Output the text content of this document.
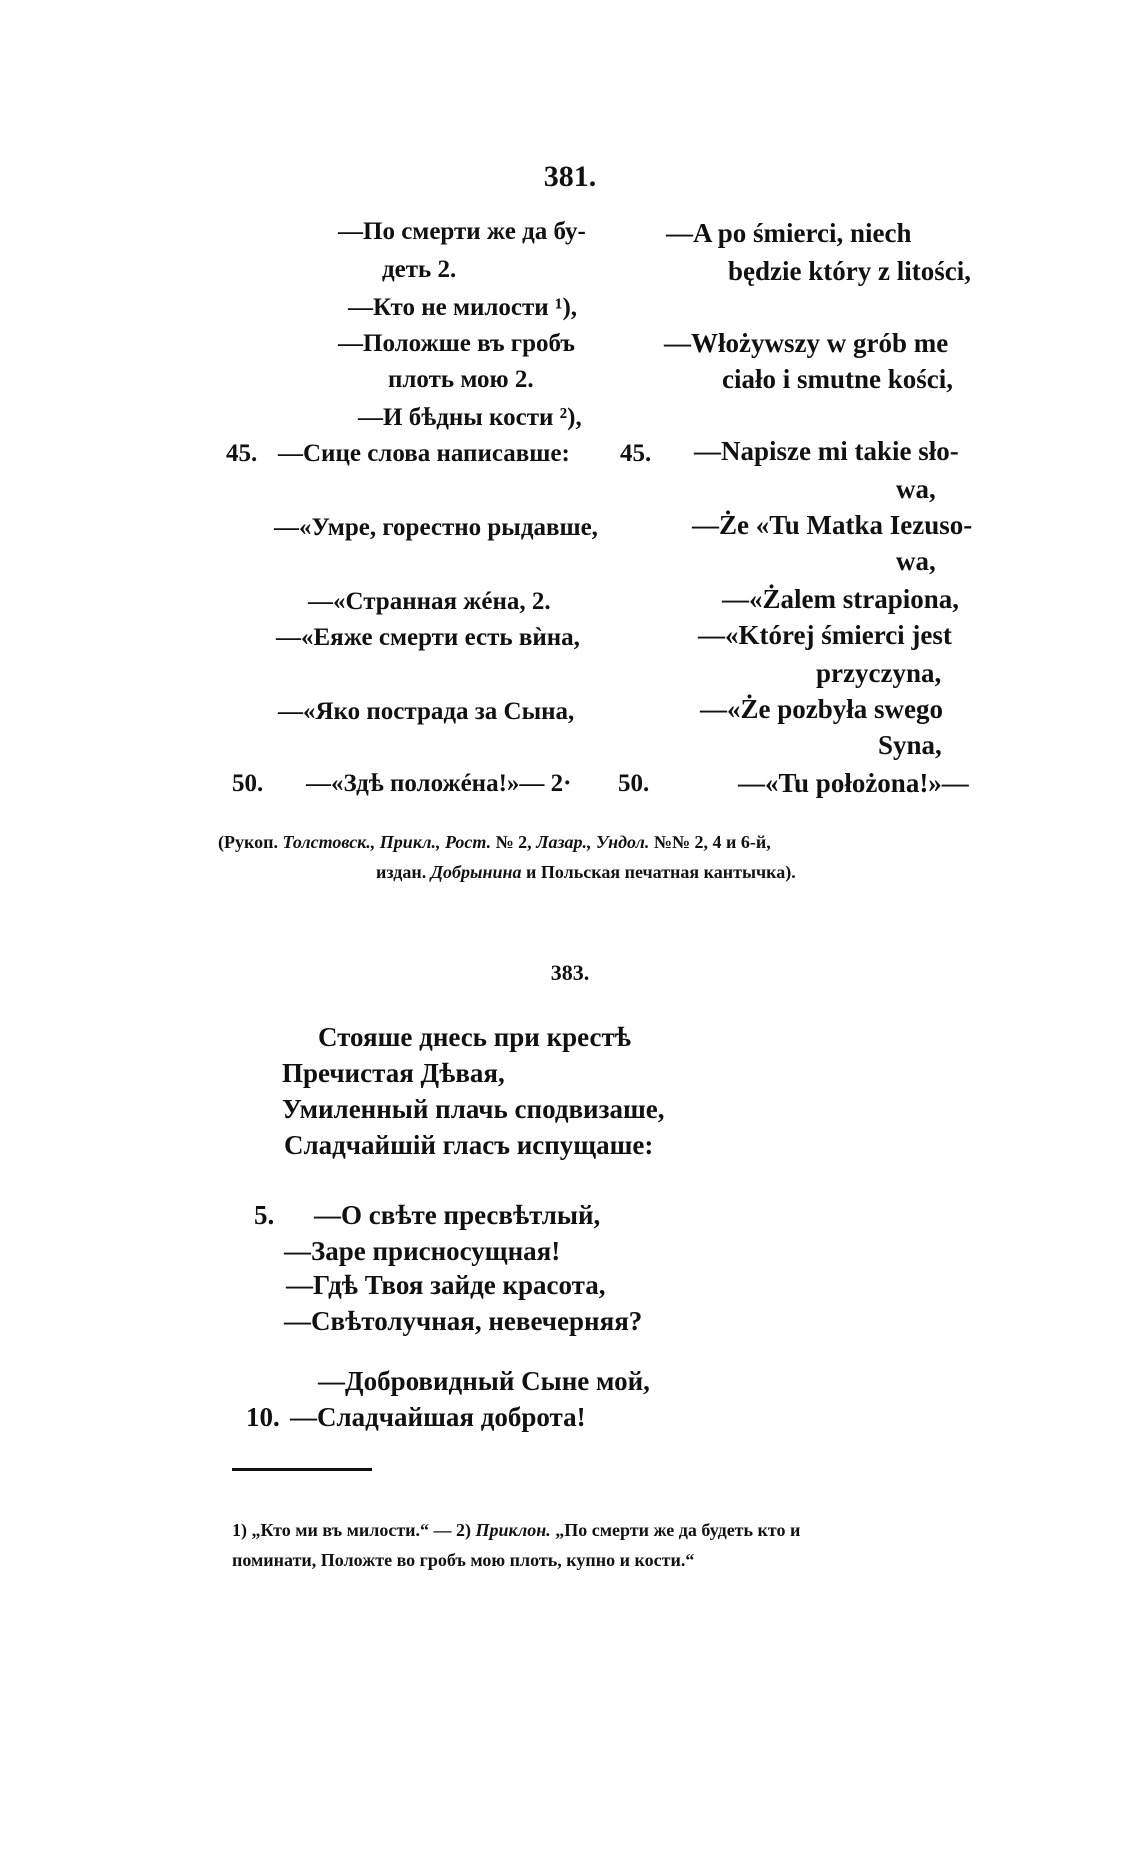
381.
—По смерти же да бу-
деть 2.
—Кто не милости ¹),
—Положше въ гробъ
плоть мою 2.
—И бѣдны кости ²),
—Сице слова написавше:
—«Умре, горестно рыдавше,
—«Странная жéна, 2.
—«Еяже смерти есть вѝна,
—«Яко пострада за Сына,
—«Здѣ положéна!»— 2·
45.
50.
—A po śmierci, niech
będzie który z litości,
—Włożywszy w grób me
ciało i smutne kości,
—Napisze mi takie sło-
wa,
—Że «Tu Matka Iezuso-
wa,
—«Żalem strapiona,
—«Której śmierci jest
przyczyna,
—«Że pozbyła swego
Syna,
—«Tu położona!»—
45.
50.
(Рукоп. Толстовск., Прикл., Рост. № 2, Лазар., Ундол. №№ 2, 4 и 6-й,
издан. Добрынина и Польская печатная кантычка).
383.
Стояше днесь при крестѣ
Пречистая Дѣвая,
Умиленный плачь сподвизаше,
Сладчайшій гласъ испущаше:
5. —О свѣте пресвѣтлый,
—Заре присносущная!
—Гдѣ Твоя зайде красота,
—Свѣтолучная, невечерняя?
—Добровидный Сыне мой,
10. —Сладчайшая доброта!
1) „Кто ми въ милости.“ — 2) Приклон. „По смерти же да будеть кто и
поминати, Положте во гробъ мою плоть, купно и кости.“
